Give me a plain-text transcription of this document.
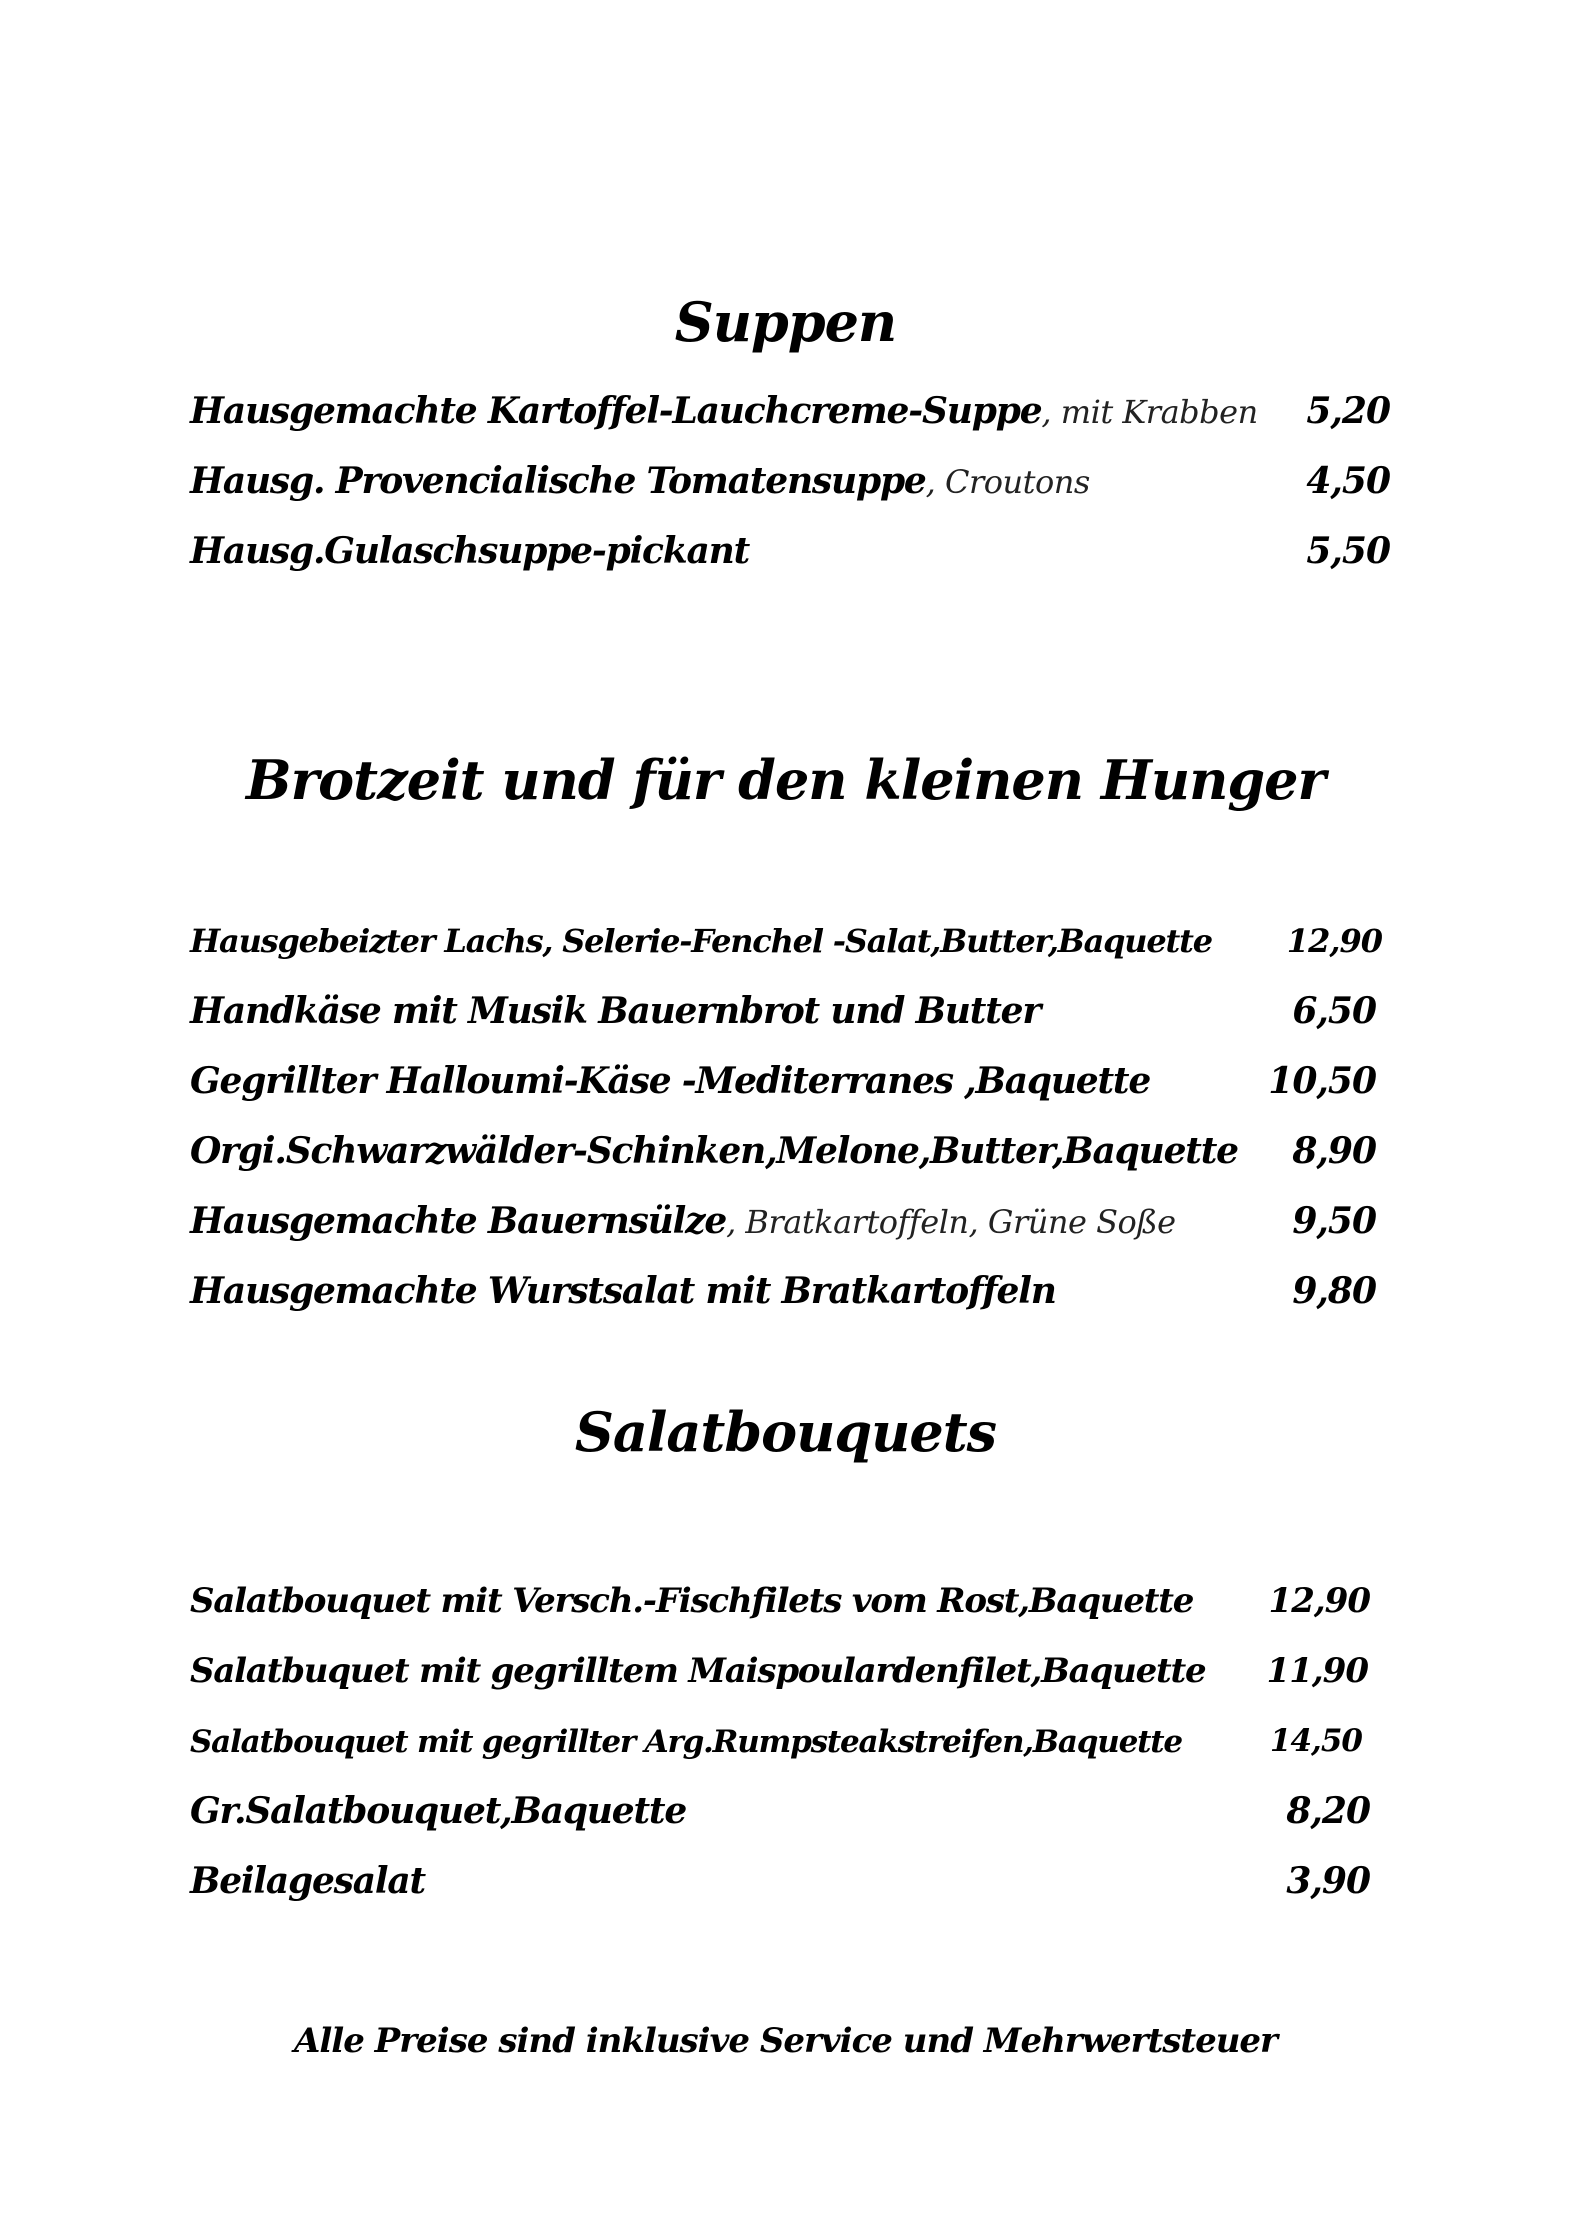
Suppen
Hausgemachte Kartoffel-Lauchcreme-Suppe, mit Krabben 5,20
Hausg. Provencialische Tomatensuppe, Croutons	4,50
Hausg.Gulaschsuppe-pickant	5,50
Brotzeit und für den kleinen Hunger
Hausgebeizter Lachs, Selerie-Fenchel -Salat,Butter,Baquette 12,90
Handkäse mit Musik Bauernbrot und Butter	6,50
Gegrillter Halloumi-Käse -Mediterranes ,Baquette	10,50
Orgi.Schwarzwälder-Schinken,Melone,Butter,Baquette 8,90
Hausgemachte Bauernsülze, Bratkartoffeln, Grüne Soße	9,50
Hausgemachte Wurstsalat mit Bratkartoffeln	9,80
Salatbouquets
Salatbouquet mit Versch.-Fischfilets vom Rost,Baquette 12,90
Salatbuquet mit gegrilltem Maispoulardenfilet,Baquette 11,90
Salatbouquet mit gegrillter Arg.Rumpsteakstreifen,Baquette	14,50
Gr.Salatbouquet,Baquette	8,20
Beilagesalat	3,90
Alle Preise sind inklusive Service und Mehrwertsteuer
